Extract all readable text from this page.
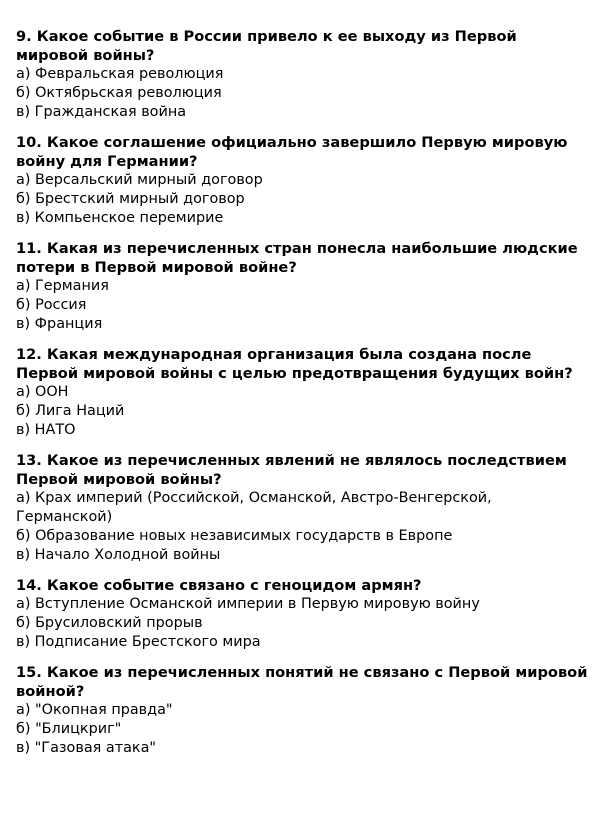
9. Какое событие в России привело к ее выходу из Первой мировой войны?

а) Февральская революция
б) Октябрьская революция
в) Гражданская война

10. Какое соглашение официально завершило Первую мировую войну для Германии?

а) Версальский мирный договор
б) Брестский мирный договор
в) Компьенское перемирие

11. Какая из перечисленных стран понесла наибольшие людские потери в Первой мировой войне?

а) Германия
б) Россия
в) Франция

12. Какая международная организация была создана после Первой мировой войны с целью предотвращения будущих войн?

а) ООН
б) Лига Наций
в) НАТО

13. Какое из перечисленных явлений не являлось последствием Первой мировой войны?

а) Крах империй (Российской, Османской, Австро-Венгерской, Германской)
б) Образование новых независимых государств в Европе
в) Начало Холодной войны

14. Какое событие связано с геноцидом армян?

а) Вступление Османской империи в Первую мировую войну
б) Брусиловский прорыв
в) Подписание Брестского мира

15. Какое из перечисленных понятий не связано с Первой мировой войной?

а) "Окопная правда"
б) "Блицкриг"
в) "Газовая атака"
